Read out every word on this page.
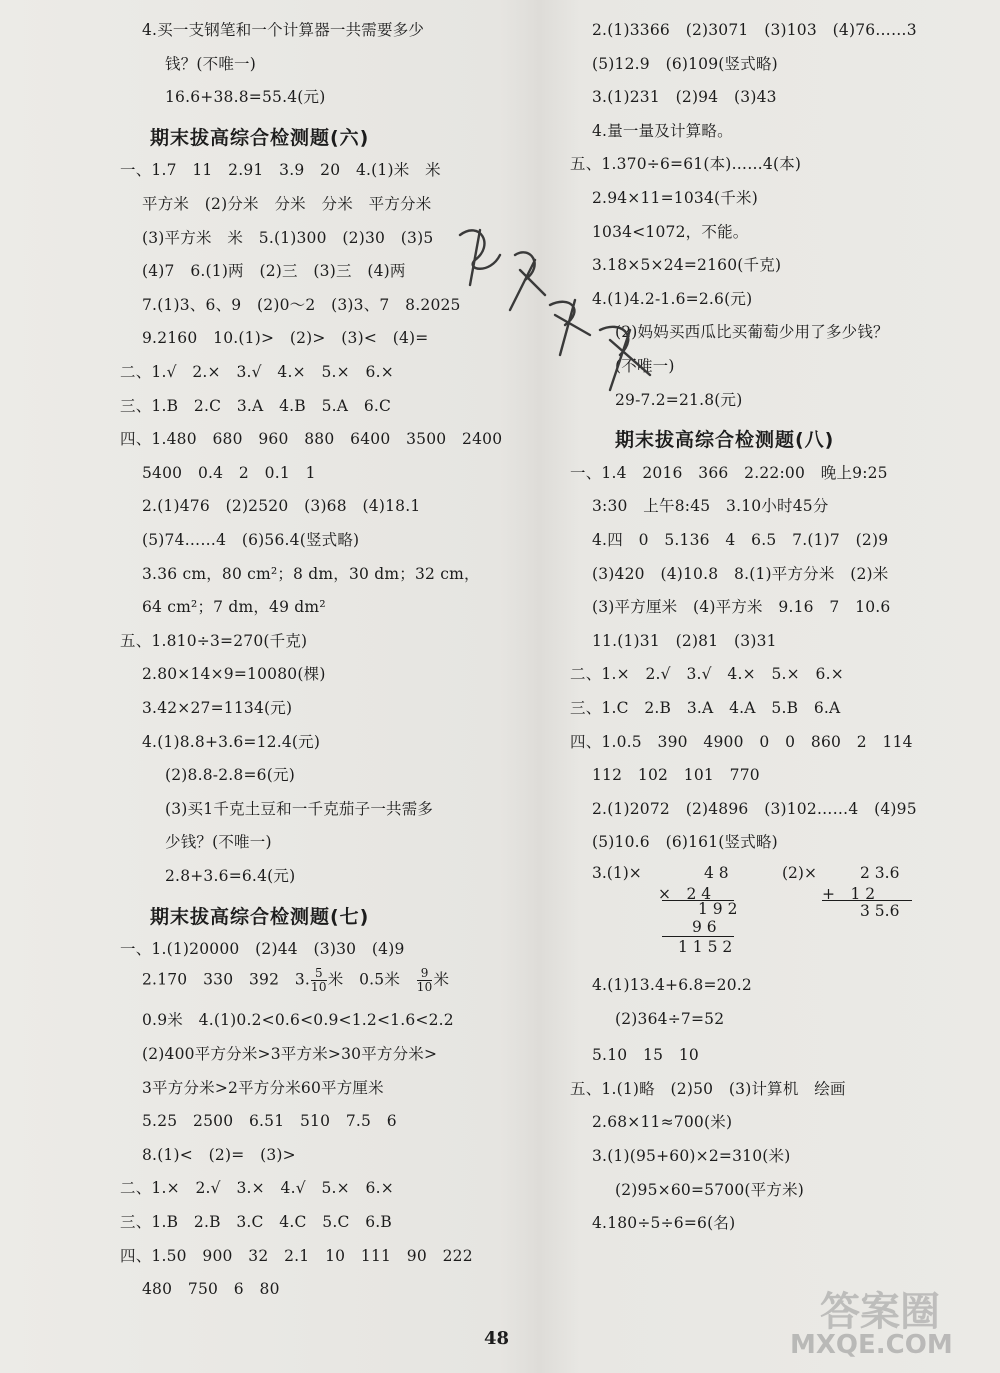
4.买一支钢笔和一个计算器一共需要多少
钱？(不唯一)
16.6+38.8=55.4(元)
期末拔高综合检测题(六)
一、1.7　11　2.91　3.9　20　4.(1)米　米
平方米　(2)分米　分米　分米　平方分米
(3)平方米　米　5.(1)300　(2)30　(3)5
(4)7　6.(1)两　(2)三　(3)三　(4)两
7.(1)3、6、9　(2)0～2　(3)3、7　8.2025
9.2160　10.(1)>　(2)>　(3)<　(4)=
二、1.√　2.×　3.√　4.×　5.×　6.×
三、1.B　2.C　3.A　4.B　5.A　6.C
四、1.480　680　960　880　6400　3500　2400
5400　0.4　2　0.1　1
2.(1)476　(2)2520　(3)68　(4)18.1
(5)74……4　(6)56.4(竖式略)
3.36 cm，80 cm²；8 dm，30 dm；32 cm，
64 cm²；7 dm，49 dm²
五、1.810÷3=270(千克)
2.80×14×9=10080(棵)
3.42×27=1134(元)
4.(1)8.8+3.6=12.4(元)
(2)8.8-2.8=6(元)
(3)买1千克土豆和一千克茄子一共需多
少钱？(不唯一)
2.8+3.6=6.4(元)
期末拔高综合检测题(七)
一、1.(1)20000　(2)44　(3)30　(4)9
2.170　330　392　3. $\frac{5}{10}$ 米　0.5米　 $\frac{9}{10}$ 米
0.9米　4.(1)0.2<0.6<0.9<1.2<1.6<2.2
(2)400平方分米>3平方米>30平方分米>
3平方分米>2平方分米60平方厘米
5.25　2500　6.51　510　7.5　6
8.(1)<　(2)=　(3)>
二、1.×　2.√　3.×　4.√　5.×　6.×
三、1.B　2.B　3.C　4.C　5.C　6.B
四、1.50　900　32　2.1　10　111　90　222
480　750　6　80
2.(1)3366　(2)3071　(3)103　(4)76……3
(5)12.9　(6)109(竖式略)
3.(1)231　(2)94　(3)43
4.量一量及计算略。
五、1.370÷6=61(本)……4(本)
2.94×11=1034(千米)
1034<1072，不能。
3.18×5×24=2160(千克)
4.(1)4.2-1.6=2.6(元)
(2)妈妈买西瓜比买葡萄少用了多少钱？
(不唯一)
29-7.2=21.8(元)
期末拔高综合检测题(八)
一、1.4　2016　366　2.22:00　晚上9:25
3:30　上午8:45　3.10小时45分
4.四　0　5.136　4　6.5　7.(1)7　(2)9
(3)420　(4)10.8　8.(1)平方分米　(2)米
(3)平方厘米　(4)平方米　9.16　7　10.6
11.(1)31　(2)81　(3)31
二、1.×　2.√　3.√　4.×　5.×　6.×
三、1.C　2.B　3.A　4.A　5.B　6.A
四、1.0.5　390　4900　0　0　860　2　114
112　102　101　770
2.(1)2072　(2)4896　(3)102……4　(4)95
(5)10.6　(6)161(竖式略)
3.(1)×	4 8
×　2 4
1 9 2
9 6
1 1 5 2
(2)×	2 3.6
+　1 2
3 5.6
4.(1)13.4+6.8=20.2
(2)364÷7=52
5.10　15　10
五、1.(1)略　(2)50　(3)计算机　绘画
2.68×11≈700(米)
3.(1)(95+60)×2=310(米)
(2)95×60=5700(平方米)
4.180÷5÷6=6(名)
48
答案圈
MXQE.COM
